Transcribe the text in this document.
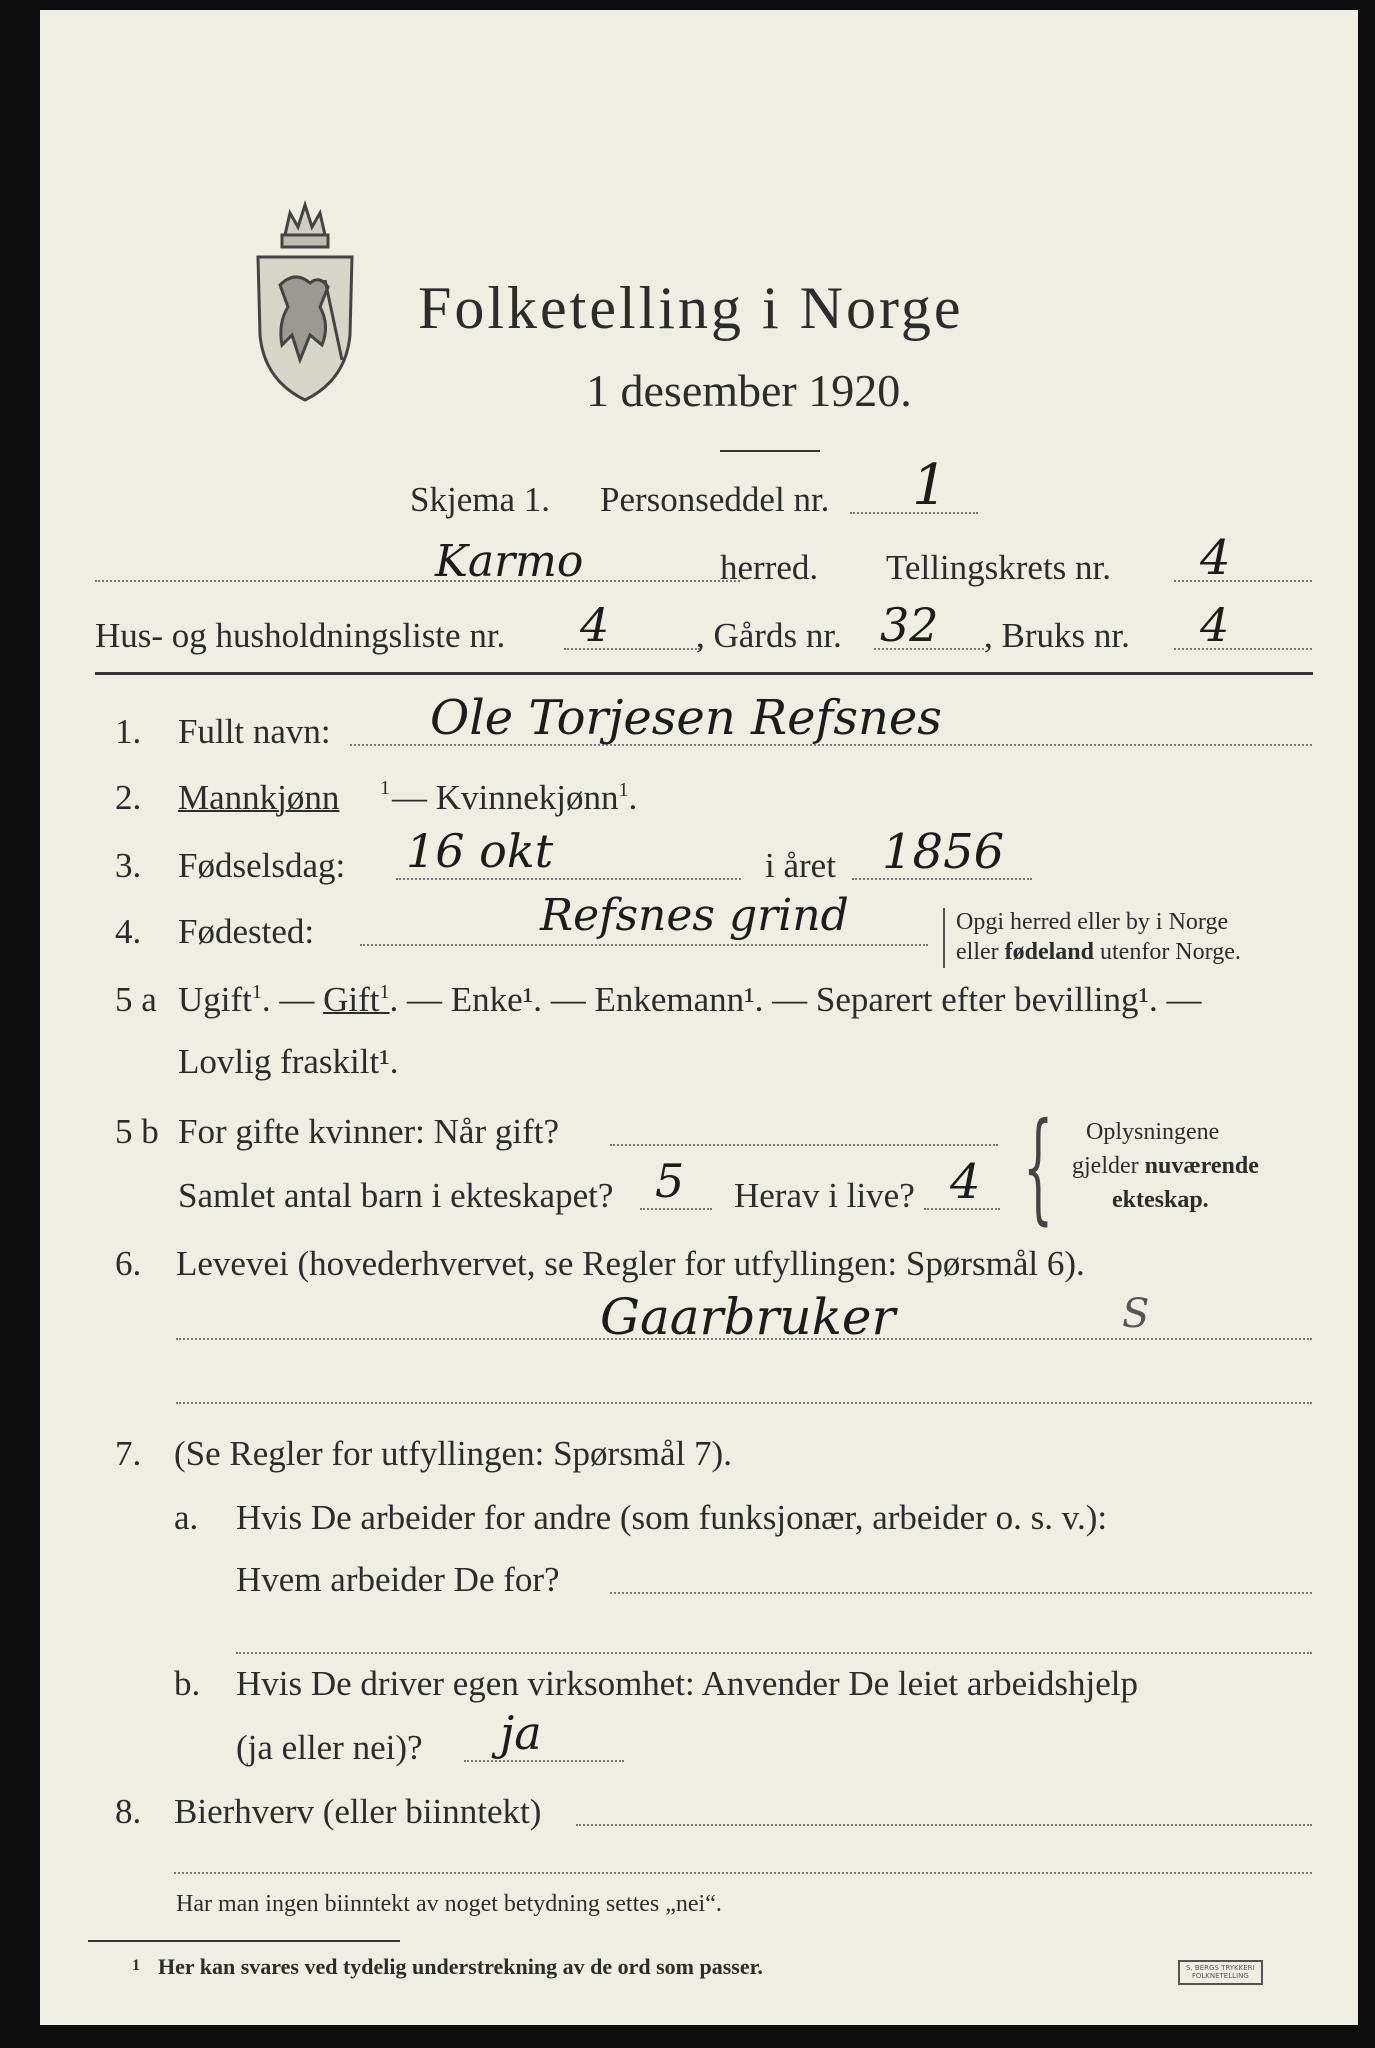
Folketelling i Norge
1 desember 1920.
Skjema 1. Personseddel nr. 1
Karmo	herred. Tellingskrets nr. 4
Hus- og husholdningsliste nr. 4 , Gårds nr. 32 , Bruks nr. 4
1. Fullt navn: Ole Torjesen Refsnes
2. Mannkjønn 1 — Kvinnekjønn$^1$.
3. Fødselsdag: 16 okt	i året 1856
4. Fødested:	Refsnes grind	Opgi herred eller by i Norge
eller fødeland utenfor Norge.
5 a Ugift$^1$. — Gift$^1$. — Enke¹. — Enkemann¹. — Separert efter bevilling¹. —
Lovlig fraskilt¹.
5 b For gifte kvinner: Når gift?
Samlet antal barn i ekteskapet? 5 Herav i live? 4 { Oplysningene
gjelder nuværende
ekteskap.
6. Levevei (hovederhvervet, se Regler for utfyllingen: Spørsmål 6).
Gaarbruker	S
7. (Se Regler for utfyllingen: Spørsmål 7).
a. Hvis De arbeider for andre (som funksjonær, arbeider o. s. v.):
Hvem arbeider De for?
b. Hvis De driver egen virksomhet: Anvender De leiet arbeidshjelp
(ja eller nei)? ja
8. Bierhverv (eller biinntekt)
Har man ingen biinntekt av noget betydning settes „nei“.
1 Her kan svares ved tydelig understrekning av de ord som passer.	S. BERGS TRYKKERI
FOLKNETELLING
